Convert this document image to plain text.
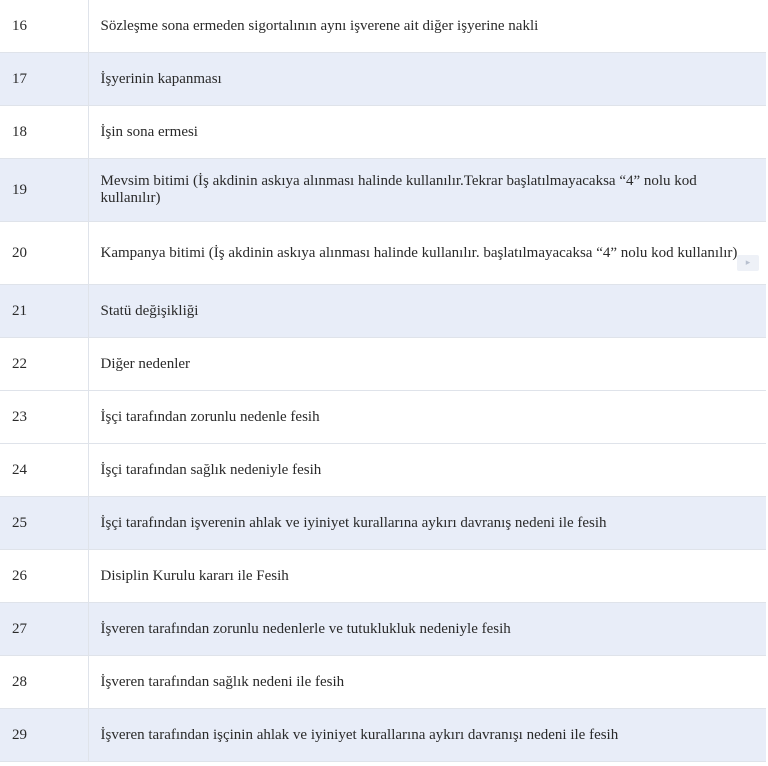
16	Sözleşme sona ermeden sigortalının aynı işverene ait diğer işyerine nakli
17	İşyerinin kapanması
18	İşin sona ermesi
19	Mevsim bitimi (İş akdinin askıya alınması halinde kullanılır.Tekrar başlatılmayacaksa “4” nolu kod kullanılır)
20	Kampanya bitimi (İş akdinin askıya alınması halinde kullanılır. başlatılmayacaksa “4” nolu kod kullanılır)
21	Statü değişikliği
22	Diğer nedenler
23	İşçi tarafından zorunlu nedenle fesih
24	İşçi tarafından sağlık nedeniyle fesih
25	İşçi tarafından işverenin ahlak ve iyiniyet kurallarına aykırı davranış nedeni ile fesih
26	Disiplin Kurulu kararı ile Fesih
27	İşveren tarafından zorunlu nedenlerle ve tutuklukluk nedeniyle fesih
28	İşveren tarafından sağlık nedeni ile fesih
29	İşveren tarafından işçinin ahlak ve iyiniyet kurallarına aykırı davranışı nedeni ile fesih
▸
